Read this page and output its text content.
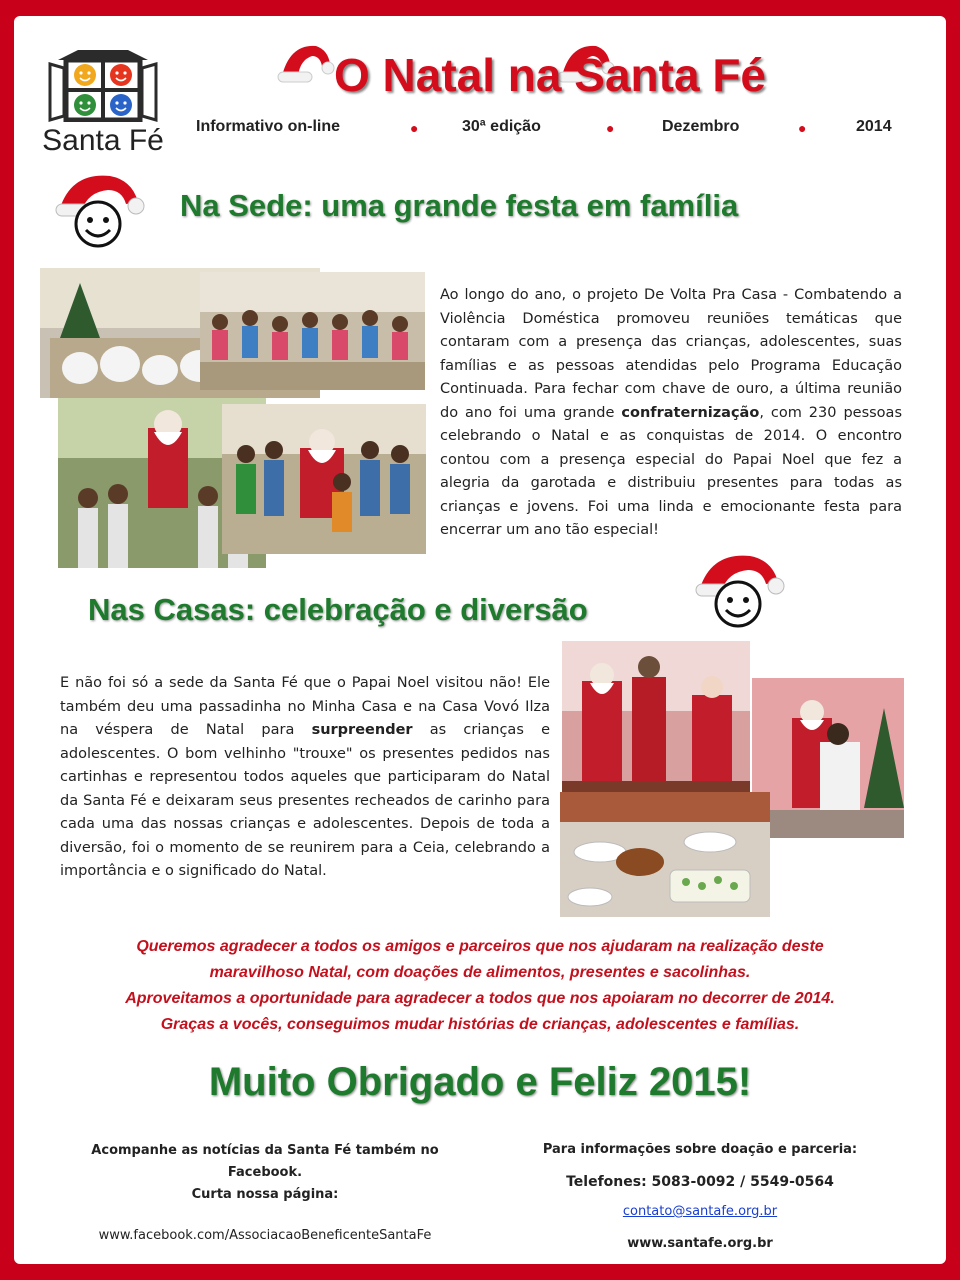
Santa Fé
O Natal na Santa Fé
Informativo on-line	●	30ª edição	●	Dezembro	●	2014
Na Sede: uma grande festa em família
Ao longo do ano, o projeto De Volta Pra Casa - Combatendo a Violência Doméstica promoveu reuniões temáticas que contaram com a presença das crianças, adolescentes, suas famílias e as pessoas atendidas pelo Programa Educação Continuada. Para fechar com chave de ouro, a última reunião do ano foi uma grande confraternização, com 230 pessoas celebrando o Natal e as conquistas de 2014. O encontro contou com a presença especial do Papai Noel que fez a alegria da garotada e distribuiu presentes para todas as crianças e jovens. Foi uma linda e emocionante festa para encerrar um ano tão especial!
Nas Casas: celebração e diversão
E não foi só a sede da Santa Fé que o Papai Noel visitou não! Ele também deu uma passadinha no Minha Casa e na Casa Vovó Ilza na véspera de Natal para surpreender as crianças e adolescentes. O bom velhinho "trouxe" os presentes pedidos nas cartinhas e representou todos aqueles que participaram do Natal da Santa Fé e deixaram seus presentes recheados de carinho para cada uma das nossas crianças e adolescentes. Depois de toda a diversão, foi o momento de se reunirem para a Ceia, celebrando a importância e o significado do Natal.
Queremos agradecer a todos os amigos e parceiros que nos ajudaram na realização deste
maravilhoso Natal, com doações de alimentos, presentes e sacolinhas.
Aproveitamos a oportunidade para agradecer a todos que nos apoiaram no decorrer de 2014.
Graças a vocês, conseguimos mudar histórias de crianças, adolescentes e famílias.
Muito Obrigado e Feliz 2015!
Acompanhe as notícias da Santa Fé também no Facebook.
Curta nossa página:
www.facebook.com/AssociacaoBeneficenteSantaFe
Para informações sobre doação e parceria:
Telefones: 5083-0092 / 5549-0564
contato@santafe.org.br
www.santafe.org.br
